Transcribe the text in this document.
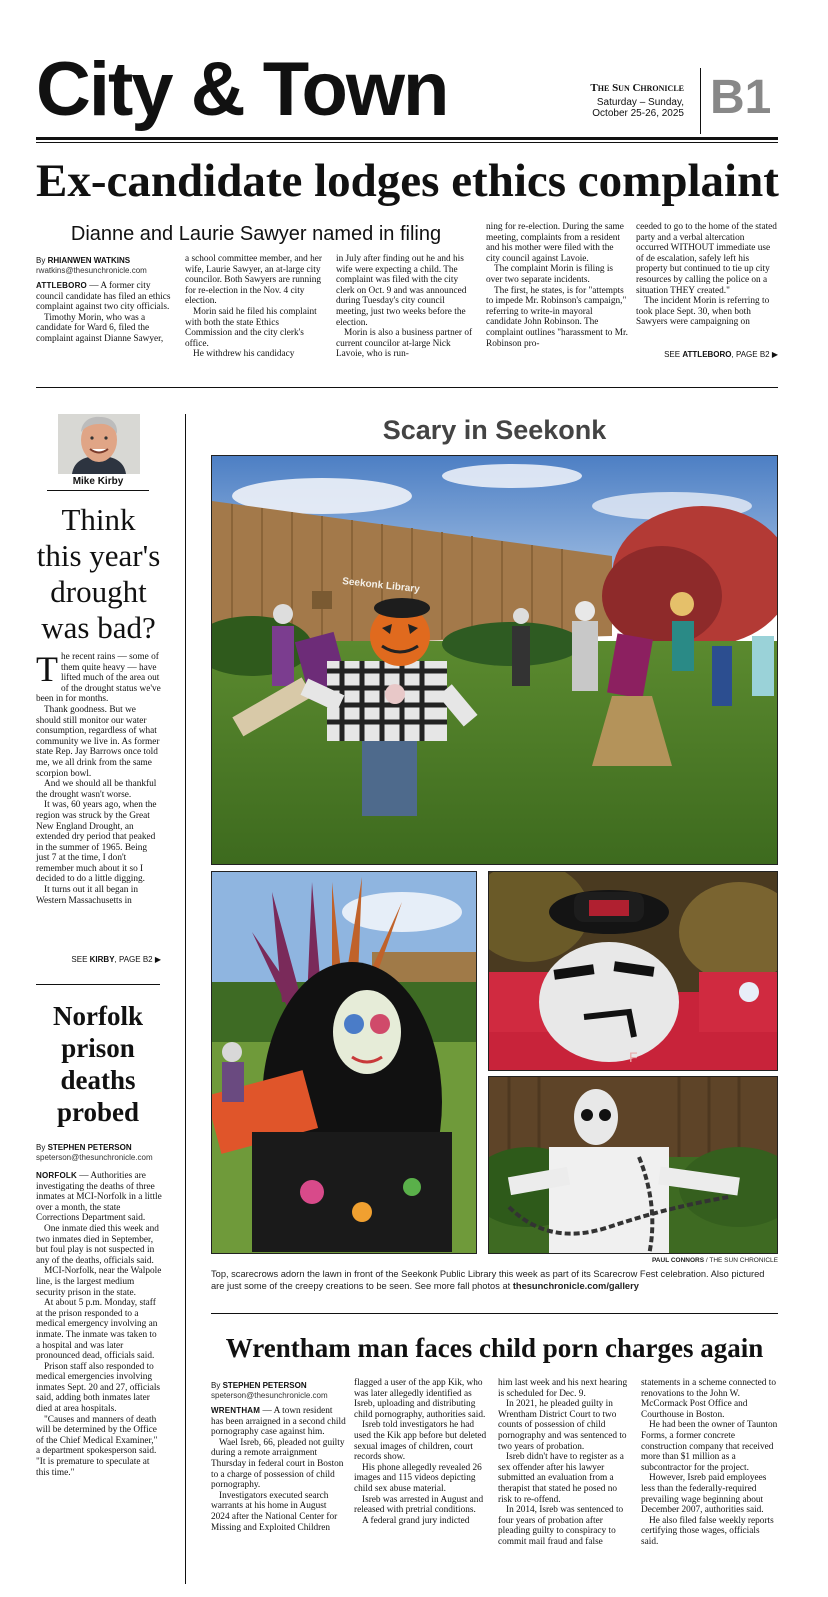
City & Town	The Sun Chronicle
Saturday – Sunday,
October 25-26, 2025 B1
Ex-candidate lodges ethics complaint
Dianne and Laurie Sawyer named in filing
By RHIANWEN WATKINS
rwatkins@thesunchronicle.com

ATTLEBORO — A former city council candidate has filed an ethics complaint against two city officials.

Timothy Morin, who was a candidate for Ward 6, filed the complaint against Dianne Sawyer,

a school committee member, and her wife, Laurie Sawyer, an at-large city councilor. Both Sawyers are running for re-election in the Nov. 4 city election.

Morin said he filed his complaint with both the state Ethics Commission and the city clerk's office.

He withdrew his candidacy

in July after finding out he and his wife were expecting a child. The complaint was filed with the city clerk on Oct. 9 and was announced during Tuesday's city council meeting, just two weeks before the election.

Morin is also a business partner of current councilor at-large Nick Lavoie, who is run-

ning for re-election. During the same meeting, complaints from a resident and his mother were filed with the city council against Lavoie.

The complaint Morin is filing is over two separate incidents.

The first, he states, is for "attempts to impede Mr. Robinson's campaign," referring to write-in mayoral candidate John Robinson. The complaint outlines "harassment to Mr. Robinson pro-

ceeded to go to the home of the stated party and a verbal altercation occurred WITHOUT immediate use of de escalation, safely left his property but continued to tie up city resources by calling the police on a situation THEY created."

The incident Morin is referring to took place Sept. 30, when both Sawyers were campaigning on

SEE ATTLEBORO, PAGE B2 ▶
Mike Kirby
Think this year's drought was bad?

The recent rains — some of them quite heavy — have lifted much of the area out of the drought status we've been in for months.

Thank goodness. But we should still monitor our water consumption, regardless of what community we live in. As former state Rep. Jay Barrows once told me, we all drink from the same scorpion bowl.

And we should all be thankful the drought wasn't worse.

It was, 60 years ago, when the region was struck by the Great New England Drought, an extended dry period that peaked in the summer of 1965. Being just 7 at the time, I don't remember much about it so I decided to do a little digging.

It turns out it all began in Western Massachusetts in

SEE KIRBY, PAGE B2 ▶
Norfolk prison deaths probed
By STEPHEN PETERSON
speterson@thesunchronicle.com

NORFOLK — Authorities are investigating the deaths of three inmates at MCI-Norfolk in a little over a month, the state Corrections Department said.

One inmate died this week and two inmates died in September, but foul play is not suspected in any of the deaths, officials said.

MCI-Norfolk, near the Walpole line, is the largest medium security prison in the state.

At about 5 p.m. Monday, staff at the prison responded to a medical emergency involving an inmate. The inmate was taken to a hospital and was later pronounced dead, officials said.

Prison staff also responded to medical emergencies involving inmates Sept. 20 and 27, officials said, adding both inmates later died at area hospitals.

"Causes and manners of death will be determined by the Office of the Chief Medical Examiner," a department spokesperson said. "It is premature to speculate at this time."

Scary in Seekonk
Seekonk Library
F
PAUL CONNORS / THE SUN CHRONICLE
Top, scarecrows adorn the lawn in front of the Seekonk Public Library this week as part of its Scarecrow Fest celebration. Also pictured are just some of the creepy creations to be seen. See more fall photos at thesunchronicle.com/gallery
Wrentham man faces child porn charges again
By STEPHEN PETERSON
speterson@thesunchronicle.com

WRENTHAM — A town resident has been arraigned in a second child pornography case against him.

Wael Isreb, 66, pleaded not guilty during a remote arraignment Thursday in federal court in Boston to a charge of possession of child pornography.

Investigators executed search warrants at his home in August 2024 after the National Center for Missing and Exploited Children

flagged a user of the app Kik, who was later allegedly identified as Isreb, uploading and distributing child pornography, authorities said.

Isreb told investigators he had used the Kik app before but deleted sexual images of children, court records show.

His phone allegedly revealed 26 images and 115 videos depicting child sex abuse material.

Isreb was arrested in August and released with pretrial conditions.

A federal grand jury indicted

him last week and his next hearing is scheduled for Dec. 9.

In 2021, he pleaded guilty in Wrentham District Court to two counts of possession of child pornography and was sentenced to two years of probation.

Isreb didn't have to register as a sex offender after his lawyer submitted an evaluation from a therapist that stated he posed no risk to re-offend.

In 2014, Isreb was sentenced to four years of probation after pleading guilty to conspiracy to commit mail fraud and false

statements in a scheme connected to renovations to the John W. McCormack Post Office and Courthouse in Boston.

He had been the owner of Taunton Forms, a former concrete construction company that received more than $1 million as a subcontractor for the project.

However, Isreb paid employees less than the federally-required prevailing wage beginning about December 2007, authorities said.

He also filed false weekly reports certifying those wages, officials said.
